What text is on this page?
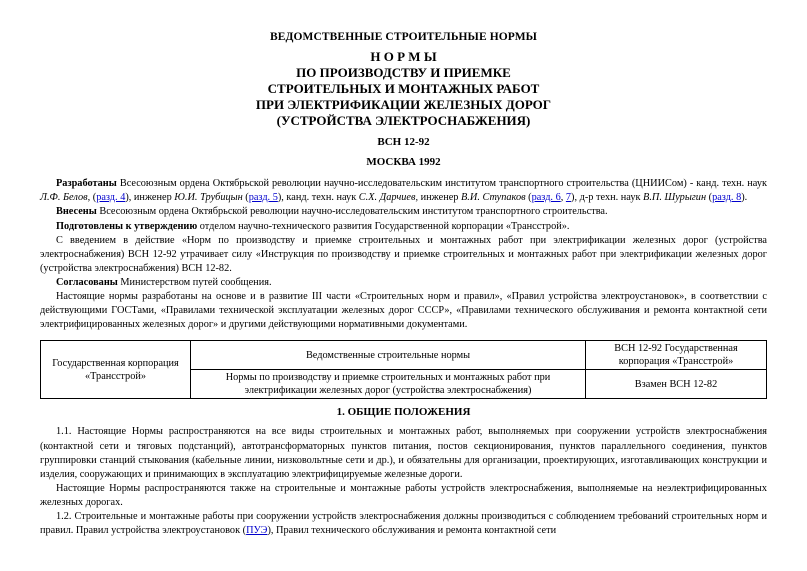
ВЕДОМСТВЕННЫЕ СТРОИТЕЛЬНЫЕ НОРМЫ
Н О Р М Ы
ПО ПРОИЗВОДСТВУ И ПРИЕМКЕ
СТРОИТЕЛЬНЫХ И МОНТАЖНЫХ РАБОТ
ПРИ ЭЛЕКТРИФИКАЦИИ ЖЕЛЕЗНЫХ ДОРОГ
(УСТРОЙСТВА ЭЛЕКТРОСНАБЖЕНИЯ)
ВСН 12-92
МОСКВА 1992

Разработаны Всесоюзным ордена Октябрьской революции научно-исследовательским институтом транспортного строительства (ЦНИИСом) - канд. техн. наук Л.Ф. Белов, (разд. 4), инженер Ю.И. Трубицын (разд. 5), канд. техн. наук С.Х. Дарчиев, инженер В.И. Ступаков (разд. 6, 7), д-р техн. наук В.П. Шурыгин (разд. 8).

Внесены Всесоюзным ордена Октябрьской революции научно-исследовательским институтом транспортного строительства.

Подготовлены к утверждению отделом научно-технического развития Государственной корпорации «Трансстрой».

С введением в действие «Норм по производству и приемке строительных и монтажных работ при электрификации железных дорог (устройства электроснабжения) ВСН 12-92 утрачивает силу «Инструкция по производству и приемке строительных и монтажных работ при электрификации железных дорог (устройства электроснабжения) ВСН 12-82.

Согласованы Министерством путей сообщения.

Настоящие нормы разработаны на основе и в развитие III части «Строительных норм и правил», «Правил устройства электроустановок», в соответствии с действующими ГОСТами, «Правилами технической эксплуатации железных дорог СССР», «Правилами технического обслуживания и ремонта контактной сети электрифицированных железных дорог» и другими действующими нормативными документами.

Государственная корпорация «Трансстрой»	Ведомственные строительные нормы	ВСН 12-92 Государственная корпорация «Трансстрой»
	Нормы по производству и приемке строительных и монтажных работ при электрификации железных дорог (устройства электроснабжения)	Взамен ВСН 12-82
1. ОБЩИЕ ПОЛОЖЕНИЯ

1.1. Настоящие Нормы распространяются на все виды строительных и монтажных работ, выполняемых при сооружении устройств электроснабжения (контактной сети и тяговых подстанций), автотрансформаторных пунктов питания, постов секционирования, пунктов параллельного соединения, пунктов группировки станций стыкования (кабельные линии, низковольтные сети и др.), и обязательны для организации, проектирующих, изготавливающих конструкции и изделия, сооружающих и принимающих в эксплуатацию электрифицируемые железные дороги.

Настоящие Нормы распространяются также на строительные и монтажные работы устройств электроснабжения, выполняемые на неэлектрифицированных железных дорогах.

1.2. Строительные и монтажные работы при сооружении устройств электроснабжения должны производиться с соблюдением требований строительных норм и правил. Правил устройства электроустановок (ПУЭ), Правил технического обслуживания и ремонта контактной сети
